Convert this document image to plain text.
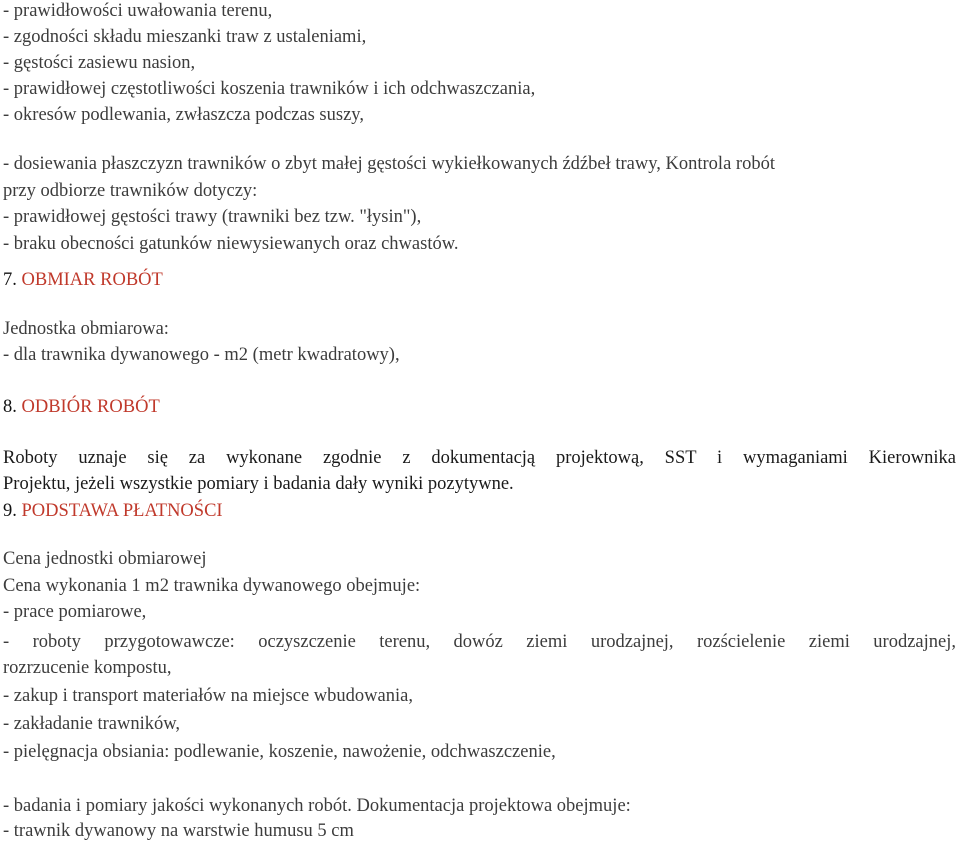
- prawidłowości uwałowania terenu,
- zgodności składu mieszanki traw z ustaleniami,
- gęstości zasiewu nasion,
- prawidłowej częstotliwości koszenia trawników i ich odchwaszczania,
- okresów podlewania, zwłaszcza podczas suszy,
- dosiewania płaszczyzn trawników o zbyt małej gęstości wykiełkowanych źdźbeł trawy, Kontrola robót
przy odbiorze trawników dotyczy:
- prawidłowej gęstości trawy (trawniki bez tzw. "łysin"),
- braku obecności gatunków niewysiewanych oraz chwastów.
7. OBMIAR ROBÓT
Jednostka obmiarowa:
- dla trawnika dywanowego - m2 (metr kwadratowy),
8. ODBIÓR ROBÓT
Roboty uznaje się za wykonane zgodnie z dokumentacją projektową, SST i wymaganiami Kierownika
Projektu, jeżeli wszystkie pomiary i badania dały wyniki pozytywne.
9. PODSTAWA PŁATNOŚCI
Cena jednostki obmiarowej
Cena wykonania 1 m2 trawnika dywanowego obejmuje:
- prace pomiarowe,
- roboty przygotowawcze: oczyszczenie terenu, dowóz ziemi urodzajnej, rozścielenie ziemi urodzajnej,
rozrzucenie kompostu,
- zakup i transport materiałów na miejsce wbudowania,
- zakładanie trawników,
- pielęgnacja obsiania: podlewanie, koszenie, nawożenie, odchwaszczenie,
- badania i pomiary jakości wykonanych robót. Dokumentacja projektowa obejmuje:
- trawnik dywanowy na warstwie humusu 5 cm
